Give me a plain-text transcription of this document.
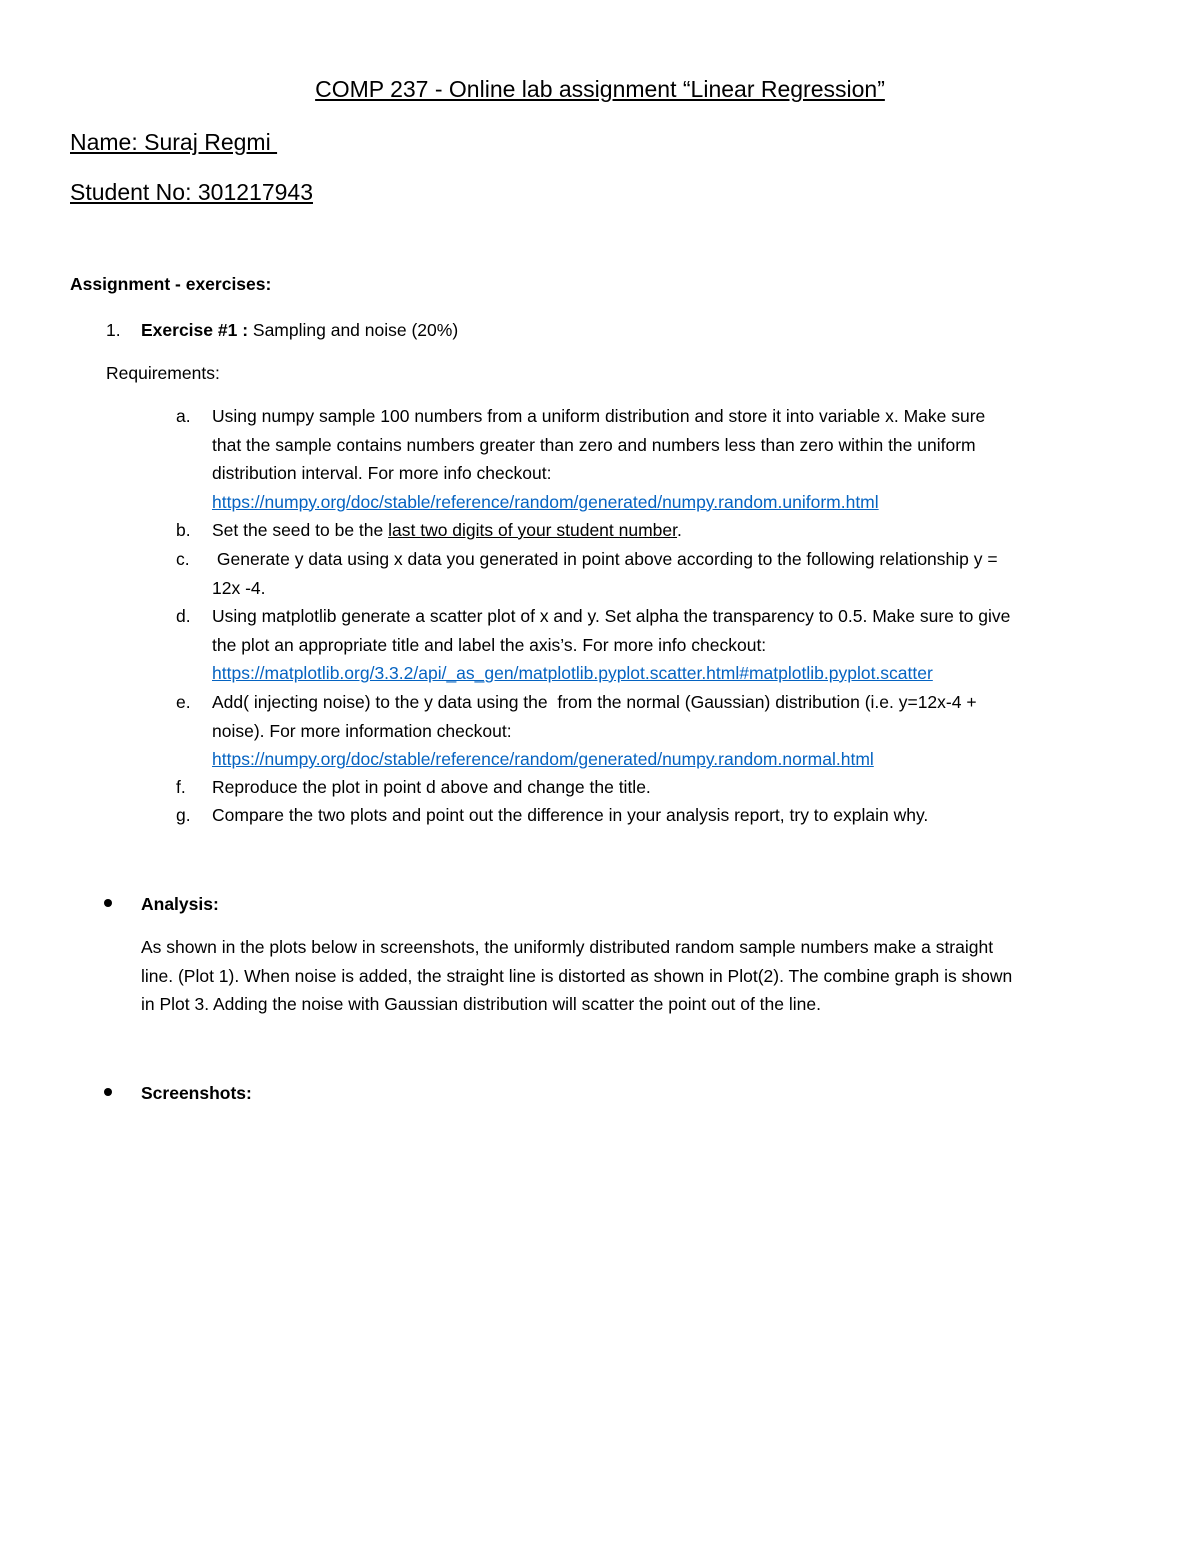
COMP 237 - Online lab assignment “Linear Regression”
Name: Suraj Regmi
Student No: 301217943
Assignment - exercises:
1. Exercise #1 : Sampling and noise (20%)
Requirements:
a. Using numpy sample 100 numbers from a uniform distribution and store it into variable x. Make sure
that the sample contains numbers greater than zero and numbers less than zero within the uniform
distribution interval. For more info checkout:
https://numpy.org/doc/stable/reference/random/generated/numpy.random.uniform.html
b. Set the seed to be the last two digits of your student number.
c. Generate y data using x data you generated in point above according to the following relationship y =
12x -4.
d. Using matplotlib generate a scatter plot of x and y. Set alpha the transparency to 0.5. Make sure to give
the plot an appropriate title and label the axis’s. For more info checkout:
https://matplotlib.org/3.3.2/api/_as_gen/matplotlib.pyplot.scatter.html#matplotlib.pyplot.scatter
e. Add( injecting noise) to the y data using the  from the normal (Gaussian) distribution (i.e. y=12x-4 +
noise). For more information checkout:
https://numpy.org/doc/stable/reference/random/generated/numpy.random.normal.html
f. Reproduce the plot in point d above and change the title.
g. Compare the two plots and point out the difference in your analysis report, try to explain why.
Analysis:
As shown in the plots below in screenshots, the uniformly distributed random sample numbers make a straight
line. (Plot 1). When noise is added, the straight line is distorted as shown in Plot(2). The combine graph is shown
in Plot 3. Adding the noise with Gaussian distribution will scatter the point out of the line.
Screenshots:
